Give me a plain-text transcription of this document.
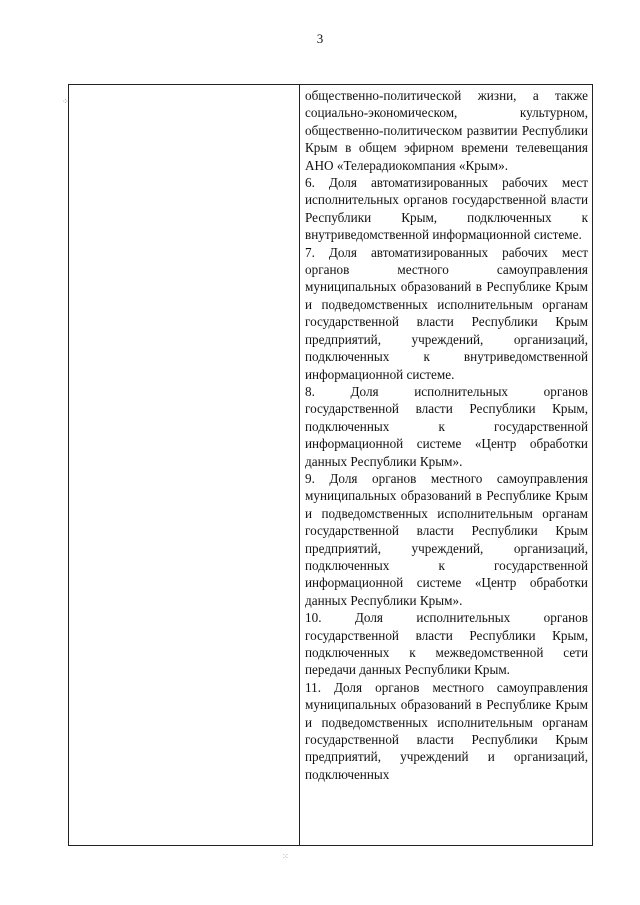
3
⁘
⁙

общественно-политической жизни, а также социально-экономическом, культурном, общественно-политическом развитии Республики Крым в общем эфирном времени телевещания АНО «Телерадиокомпания «Крым».

6. Доля автоматизированных рабочих мест исполнительных органов государственной власти Республики Крым, подключенных к внутриведомственной информационной системе.

7. Доля автоматизированных рабочих мест органов местного самоуправления муниципальных образований в Республике Крым и подведомственных исполнительным органам государственной власти Республики Крым предприятий, учреждений, организаций, подключенных к внутриведомственной информационной системе.

8. Доля исполнительных органов государственной власти Республики Крым, подключенных к государственной информационной системе «Центр обработки данных Республики Крым».

9. Доля органов местного самоуправления муниципальных образований в Республике Крым и подведомственных исполнительным органам государственной власти Республики Крым предприятий, учреждений, организаций, подключенных к государственной информационной системе «Центр обработки данных Республики Крым».

10. Доля исполнительных органов государственной власти Республики Крым, подключенных к межведомственной сети передачи данных Республики Крым.

11. Доля органов местного самоуправления муниципальных образований в Республике Крым и подведомственных исполнительным органам государственной власти Республики Крым предприятий, учреждений и организаций, подключенных
